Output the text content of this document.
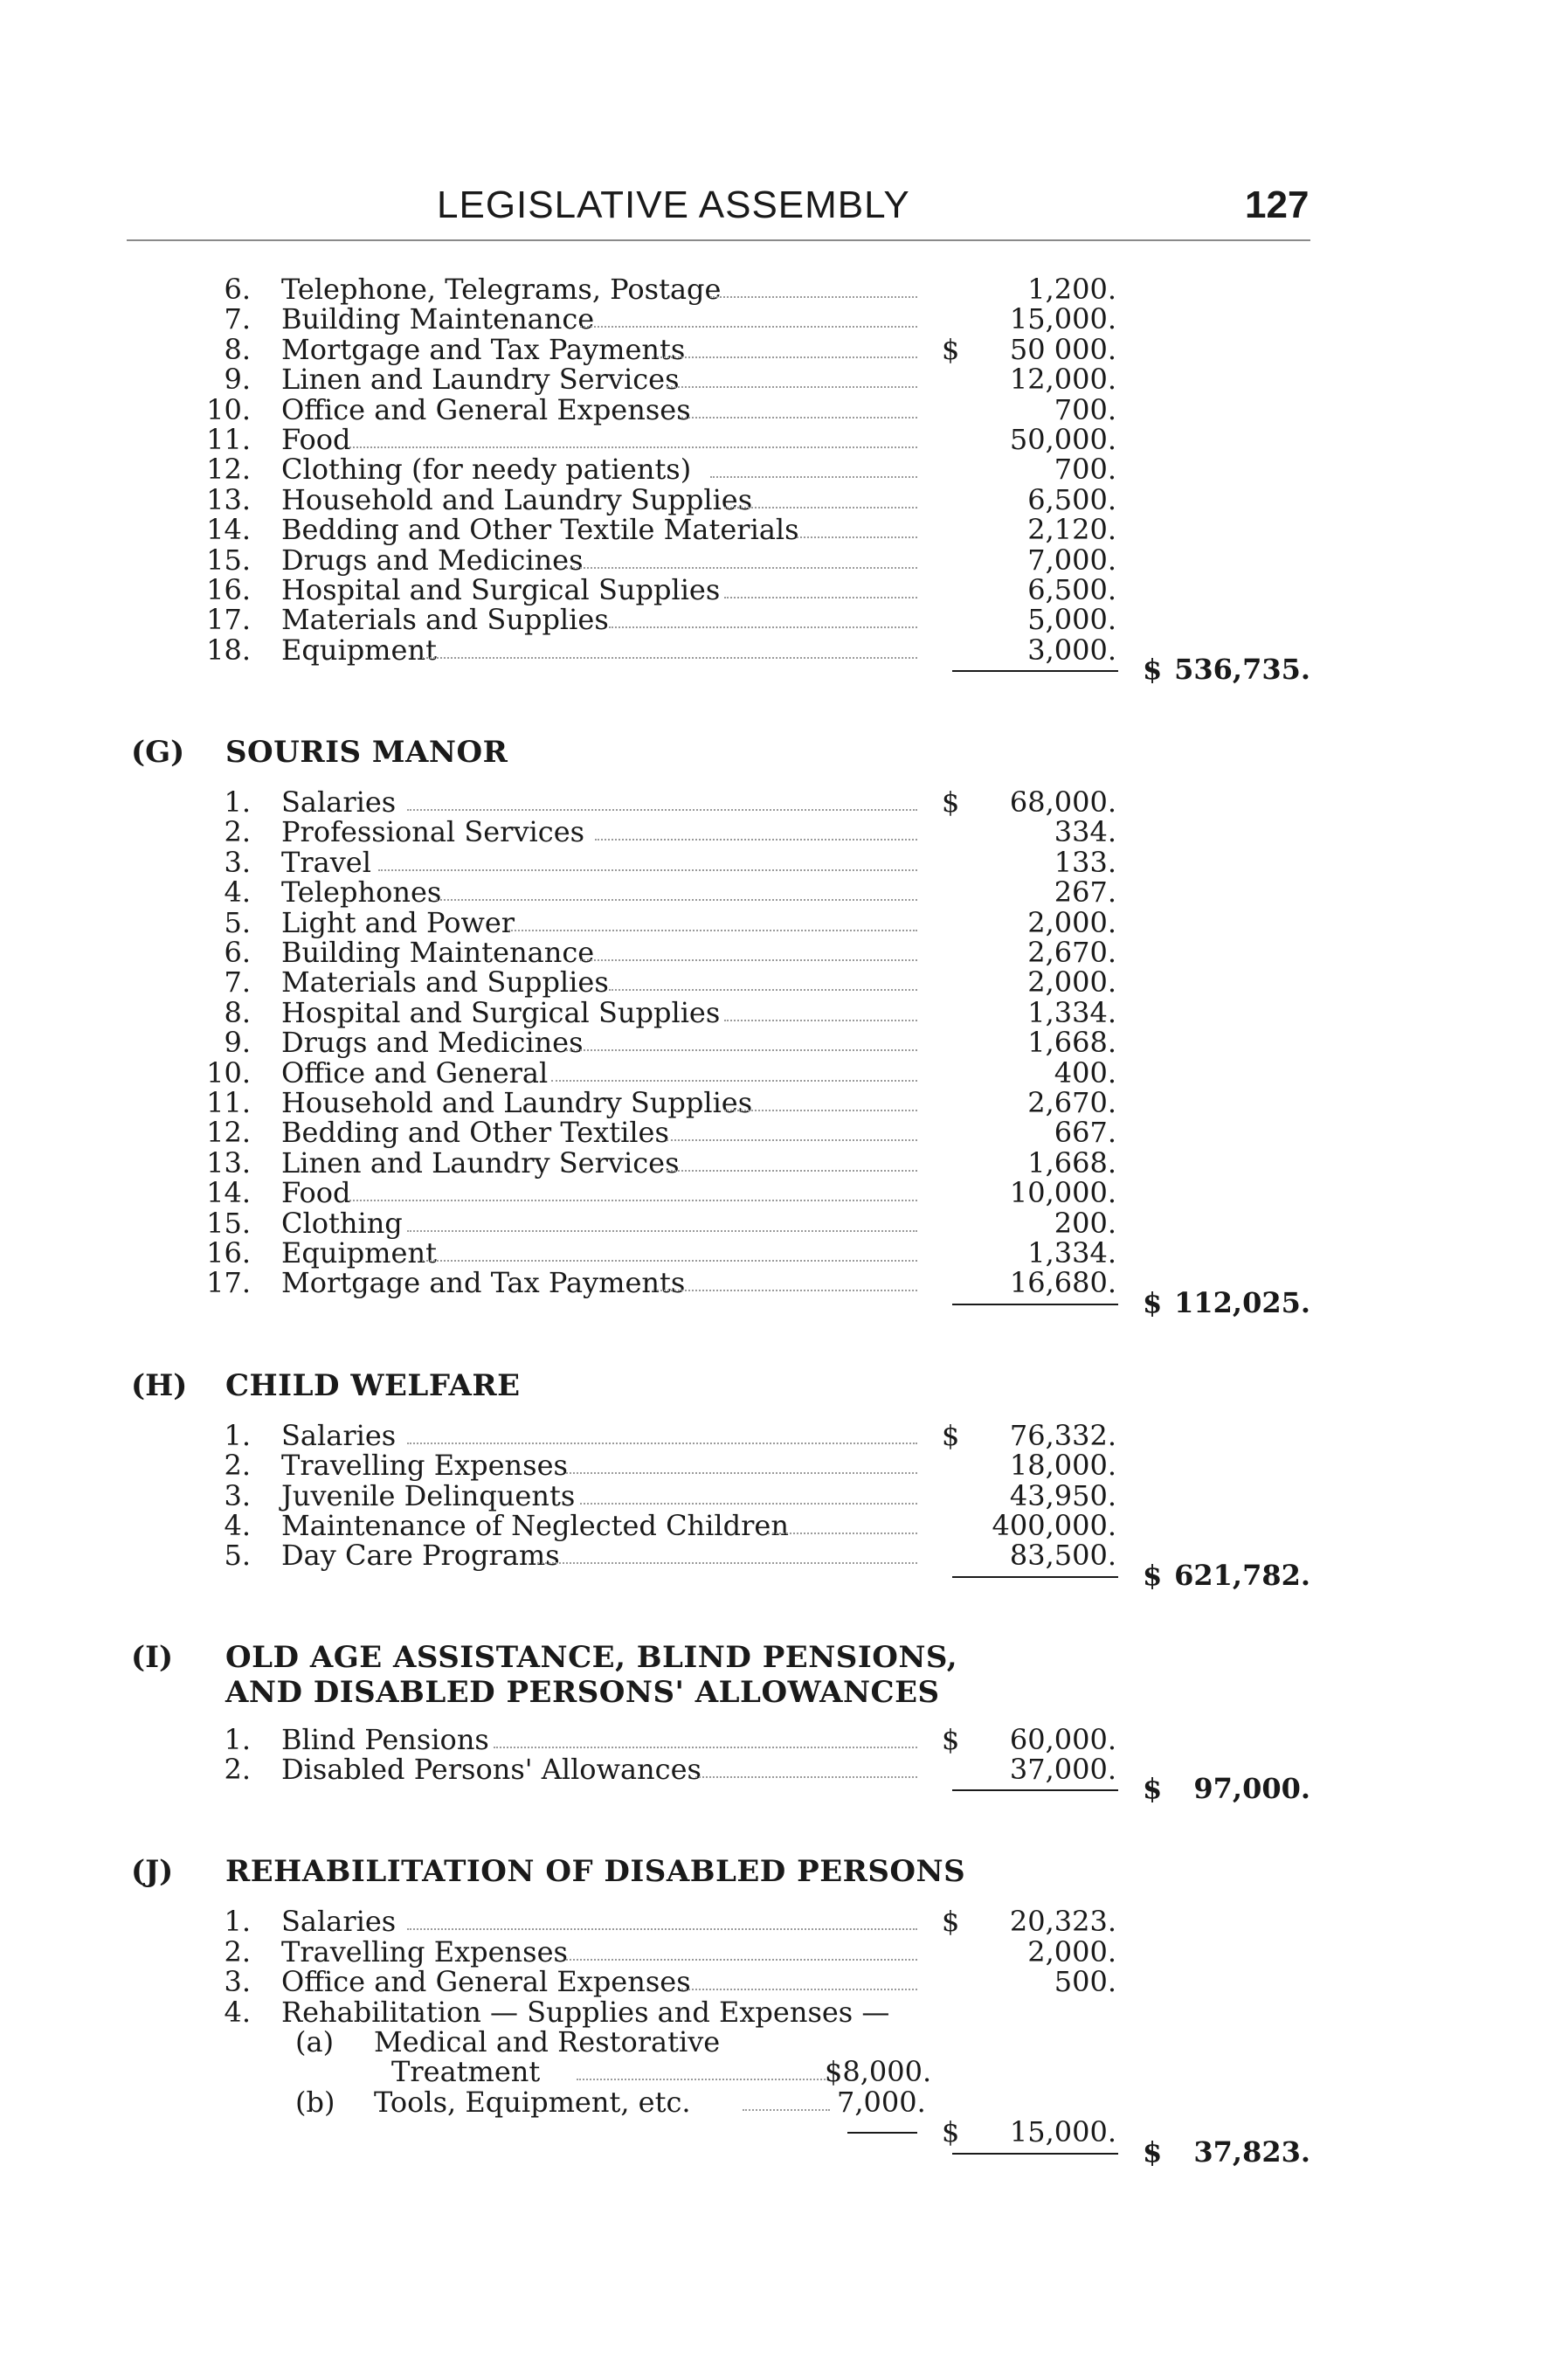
LEGISLATIVE ASSEMBLY	127
6. Telephone, Telegrams, Postage	1,200.
7. Building Maintenance	15,000.
8. Mortgage and Tax Payments	$ 50 000.
9. Linen and Laundry Services	12,000.
10. Office and General Expenses	700.
11. Food	50,000.
12. Clothing (for needy patients)	700.
13. Household and Laundry Supplies	6,500.
14. Bedding and Other Textile Materials	2,120.
15. Drugs and Medicines	7,000.
16. Hospital and Surgical Supplies	6,500.
17. Materials and Supplies	5,000.
18. Equipment	3,000.
$ 536,735.
(G) SOURIS MANOR
1. Salaries	$ 68,000.
2. Professional Services	334.
3. Travel	133.
4. Telephones	267.
5. Light and Power	2,000.
6. Building Maintenance	2,670.
7. Materials and Supplies	2,000.
8. Hospital and Surgical Supplies	1,334.
9. Drugs and Medicines	1,668.
10. Office and General	400.
11. Household and Laundry Supplies	2,670.
12. Bedding and Other Textiles	667.
13. Linen and Laundry Services	1,668.
14. Food	10,000.
15. Clothing	200.
16. Equipment	1,334.
17. Mortgage and Tax Payments	16,680.
$ 112,025.
(H) CHILD WELFARE
1. Salaries	$ 76,332.
2. Travelling Expenses	18,000.
3. Juvenile Delinquents	43,950.
4. Maintenance of Neglected Children	400,000.
5. Day Care Programs	83,500.
$ 621,782.
(I) OLD AGE ASSISTANCE, BLIND PENSIONS,
AND DISABLED PERSONS' ALLOWANCES
1. Blind Pensions	$ 60,000.
2. Disabled Persons' Allowances	37,000.
$ 97,000.
(J) REHABILITATION OF DISABLED PERSONS
1. Salaries	$ 20,323.
2. Travelling Expenses	2,000.
3. Office and General Expenses	500.
4. Rehabilitation — Supplies and Expenses —
(a) Medical and Restorative
Treatment	$8,000.
(b) Tools, Equipment, etc.	7,000.
$ 15,000.
$ 37,823.
